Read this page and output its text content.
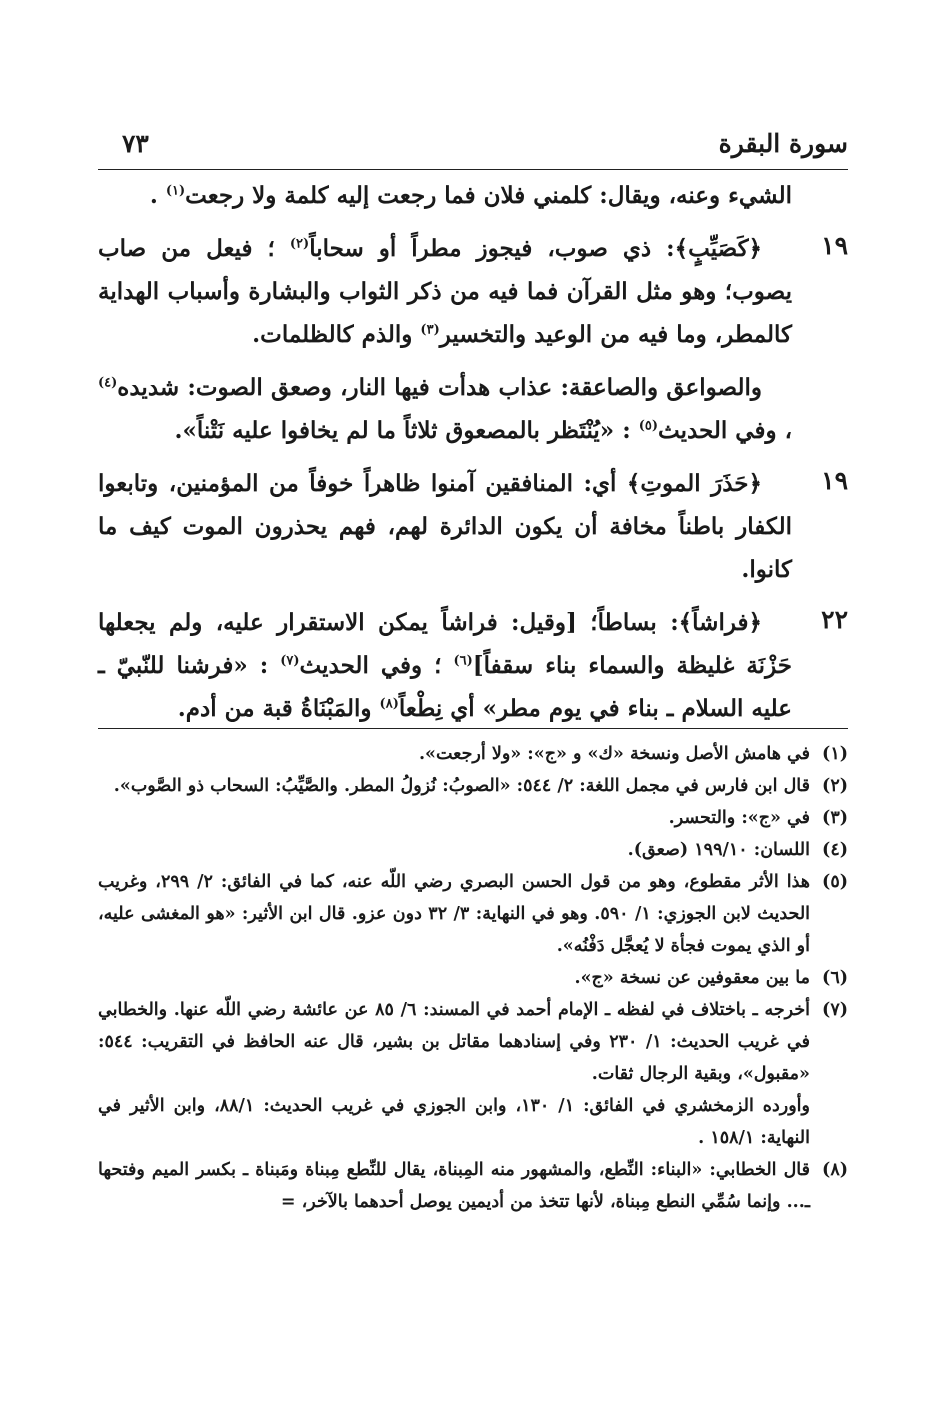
سورة البقرة
٧٣
الشيء وعنه، ويقال: كلمني فلان فما رجعت إليه كلمة ولا رجعت$^{(١)}$ .
١٩
﴿كَصَيِّبٍ﴾: ذي صوب، فيجوز مطراً أو سحاباً$^{(٢)}$ ؛ فيعل من صاب يصوب؛ وهو مثل القرآن فما فيه من ذكر الثواب والبشارة وأسباب الهداية كالمطر، وما فيه من الوعيد والتخسير$^{(٣)}$ والذم كالظلمات.
والصواعق والصاعقة: عذاب هدأت فيها النار، وصعق الصوت: شديده$^{(٤)}$ ، وفي الحديث$^{(٥)}$ : «يُنْتَظر بالمصعوق ثلاثاً ما لم يخافوا عليه نَتْناً».
١٩
﴿حَذَرَ الموتِ﴾ أي: المنافقين آمنوا ظاهراً خوفاً من المؤمنين، وتابعوا الكفار باطناً مخافة أن يكون الدائرة لهم، فهم يحذرون الموت كيف ما كانوا.
٢٢
﴿فراشاً﴾: بساطاً؛ [وقيل: فراشاً يمكن الاستقرار عليه، ولم يجعلها حَزْنَة غليظة والسماء بناء سقفاً]$^{(٦)}$ ؛ وفي الحديث$^{(٧)}$ : «فرشنا للنّبيّ ـ عليه السلام ـ بناء في يوم مطر» أي نِطْعاً$^{(٨)}$ والمَبْنَاةُ قبة من أدم.
(١)

في هامش الأصل ونسخة «ك» و «ج»: «ولا أرجعت».

(٢)

قال ابن فارس في مجمل اللغة: ٢/ ٥٤٤: «الصوبُ: نُزولُ المطر. والصَّيِّبُ: السحاب ذو الصَّوب».

(٣)

في «ج»: والتحسر.

(٤)

اللسان: ١٩٩/١٠ (صعق).

(٥)

هذا الأثر مقطوع، وهو من قول الحسن البصري رضي اللّه عنه، كما في الفائق: ٢/ ٢٩٩، وغريب الحديث لابن الجوزي: ١/ ٥٩٠. وهو في النهاية: ٣/ ٣٢ دون عزو. قال ابن الأثير: «هو المغشى عليه، أو الذي يموت فجأة لا يُعجَّل دَفْنُه».

(٦)

ما بين معقوفين عن نسخة «ج».

(٧)

أخرجه ـ باختلاف في لفظه ـ الإمام أحمد في المسند: ٦/ ٨٥ عن عائشة رضي اللّه عنها. والخطابي في غريب الحديث: ١/ ٢٣٠ وفي إسنادهما مقاتل بن بشير، قال عنه الحافظ في التقريب: ٥٤٤: «مقبول»، وبقية الرجال ثقات.

وأورده الزمخشري في الفائق: ١/ ١٣٠، وابن الجوزي في غريب الحديث: ٨٨/١، وابن الأثير في النهاية: ١٥٨/١ .

(٨)

قال الخطابي: «البناء: النِّطع، والمشهور منه المِبناة، يقال للنِّطع مِبناة ومَبناة ـ بكسر الميم وفتحها ـ... وإنما سُمِّي النطع مِبناة، لأنها تتخذ من أديمين يوصل أحدهما بالآخر، =
